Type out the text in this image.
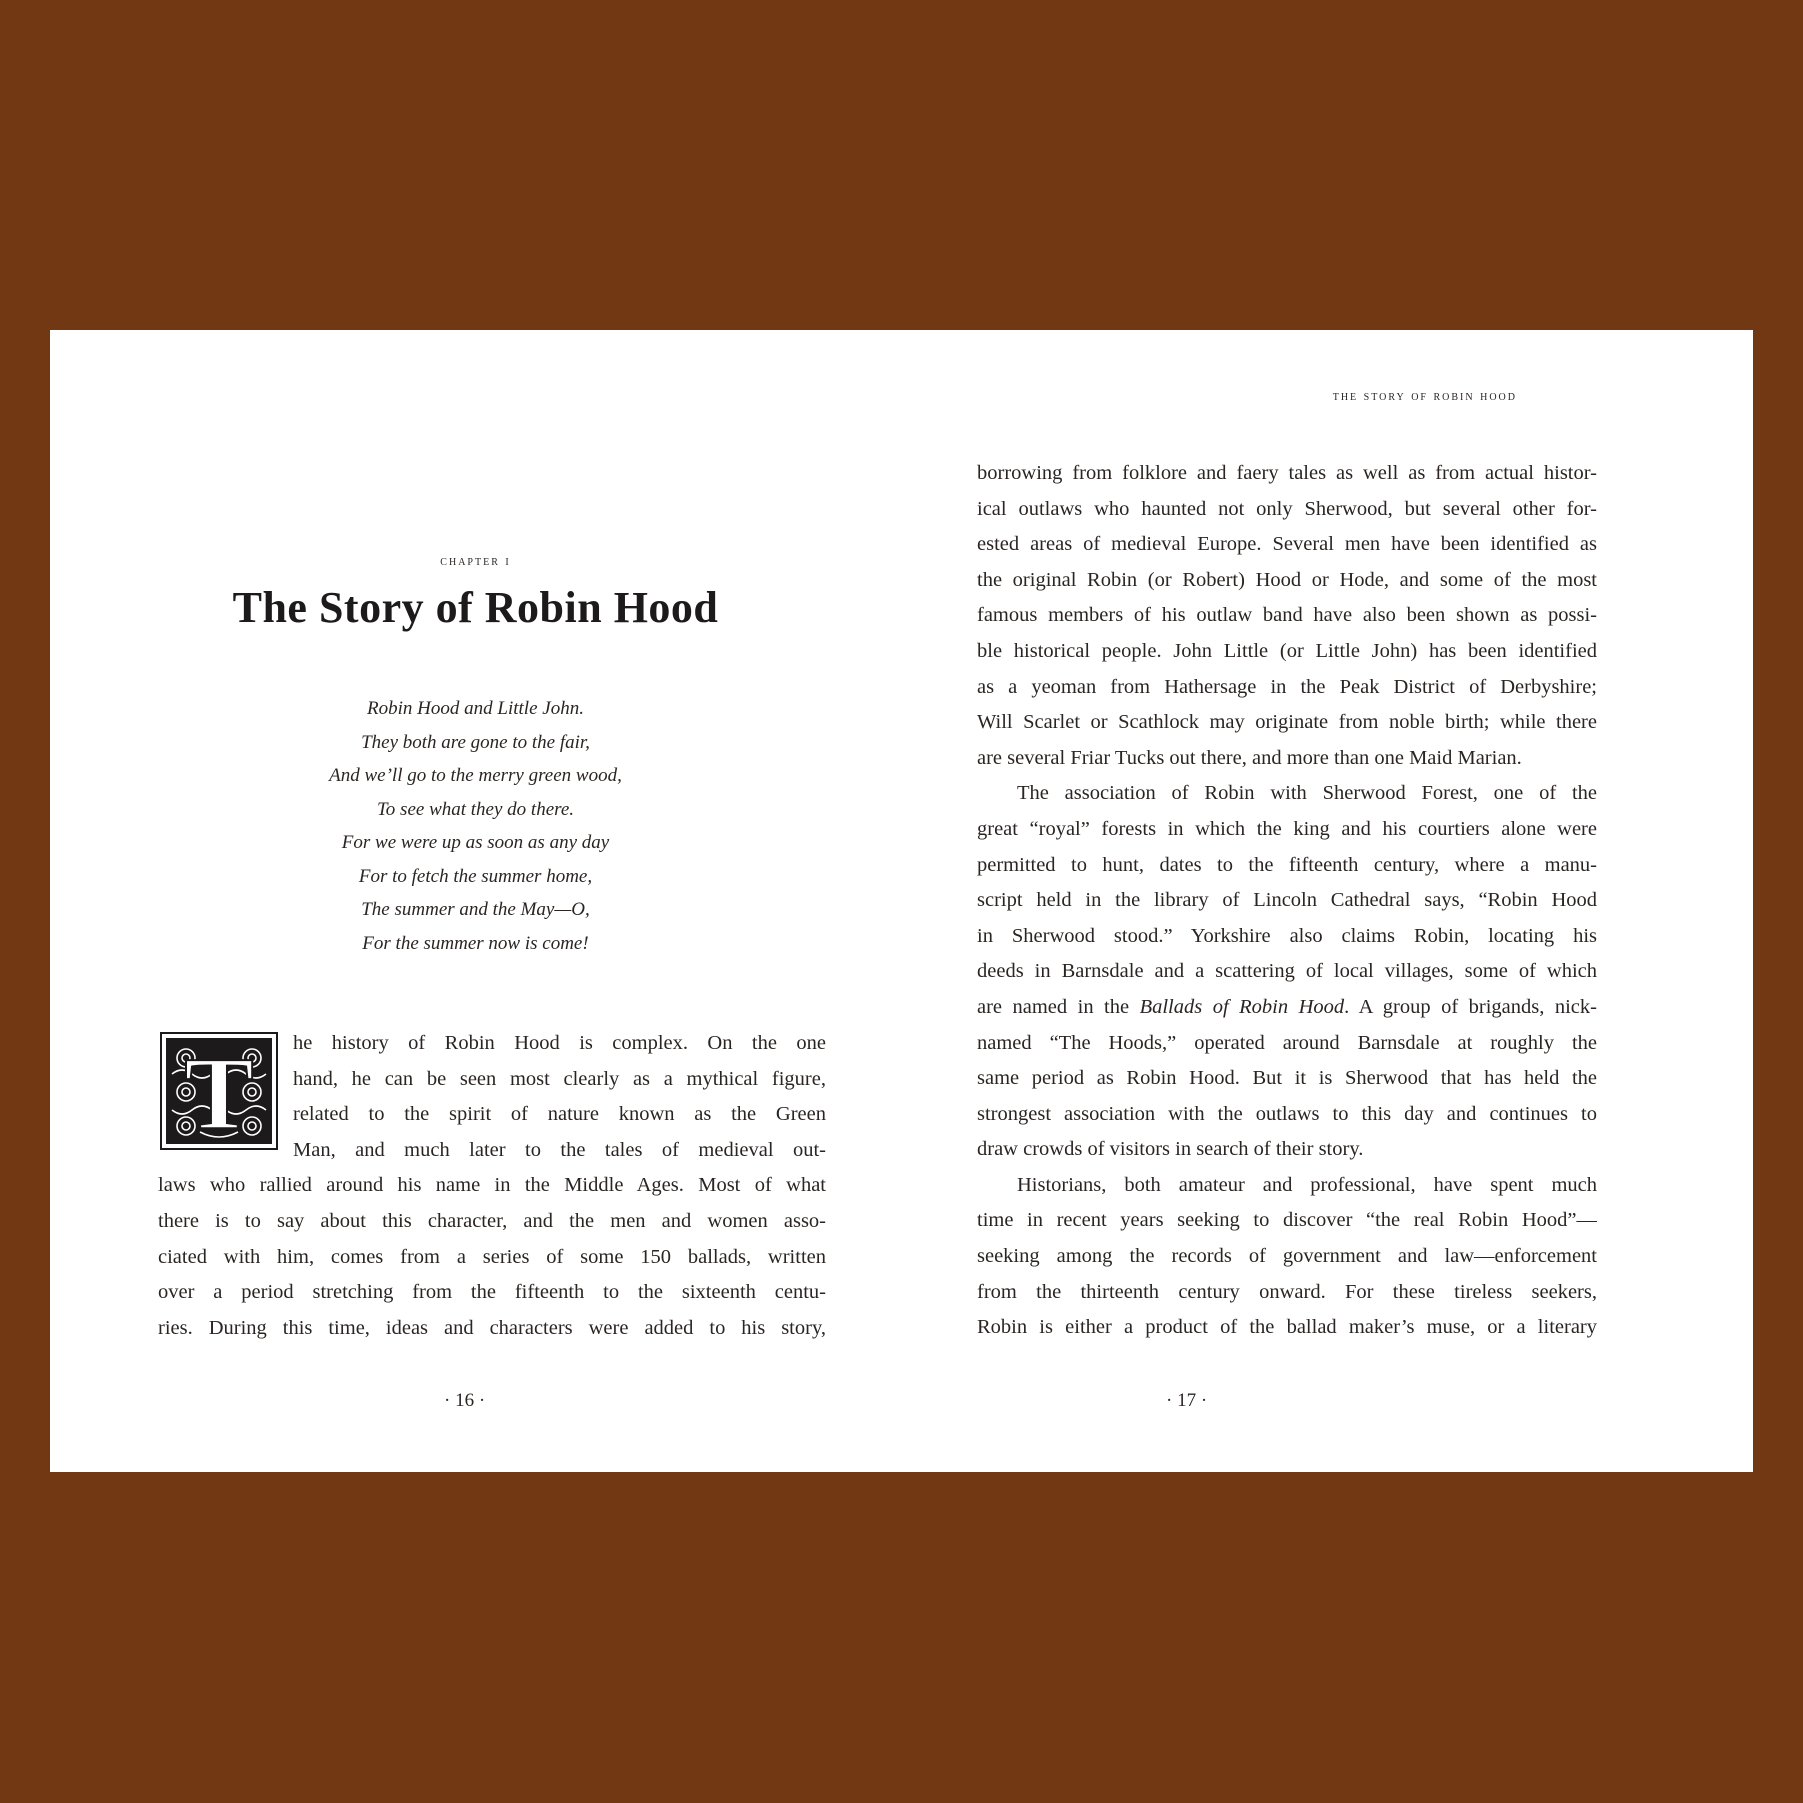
chapter i
The Story of Robin Hood
Robin Hood and Little John.
They both are gone to the fair,
And we’ll go to the merry green wood,
To see what they do there.
For we were up as soon as any day
For to fetch the summer home,
The summer and the May—O,
For the summer now is come!
T he history of Robin Hood is complex. On the one
hand, he can be seen most clearly as a mythical figure,
related to the spirit of nature known as the Green
Man, and much later to the tales of medieval out-
laws who rallied around his name in the Middle Ages. Most of what
there is to say about this character, and the men and women asso-
ciated with him, comes from a series of some 150 ballads, written
over a period stretching from the fifteenth to the sixteenth centu-
ries. During this time, ideas and characters were added to his story,
· 16 ·
the story of robin hood
borrowing from folklore and faery tales as well as from actual histor-
ical outlaws who haunted not only Sherwood, but several other for-
ested areas of medieval Europe. Several men have been identified as
the original Robin (or Robert) Hood or Hode, and some of the most
famous members of his outlaw band have also been shown as possi-
ble historical people. John Little (or Little John) has been identified
as a yeoman from Hathersage in the Peak District of Derbyshire;
Will Scarlet or Scathlock may originate from noble birth; while there
are several Friar Tucks out there, and more than one Maid Marian.
The association of Robin with Sherwood Forest, one of the
great “royal” forests in which the king and his courtiers alone were
permitted to hunt, dates to the fifteenth century, where a manu-
script held in the library of Lincoln Cathedral says, “Robin Hood
in Sherwood stood.” Yorkshire also claims Robin, locating his
deeds in Barnsdale and a scattering of local villages, some of which
are named in the Ballads of Robin Hood. A group of brigands, nick-
named “The Hoods,” operated around Barnsdale at roughly the
same period as Robin Hood. But it is Sherwood that has held the
strongest association with the outlaws to this day and continues to
draw crowds of visitors in search of their story.
Historians, both amateur and professional, have spent much
time in recent years seeking to discover “the real Robin Hood”—
seeking among the records of government and law—enforcement
from the thirteenth century onward. For these tireless seekers,
Robin is either a product of the ballad maker’s muse, or a literary
· 17 ·
